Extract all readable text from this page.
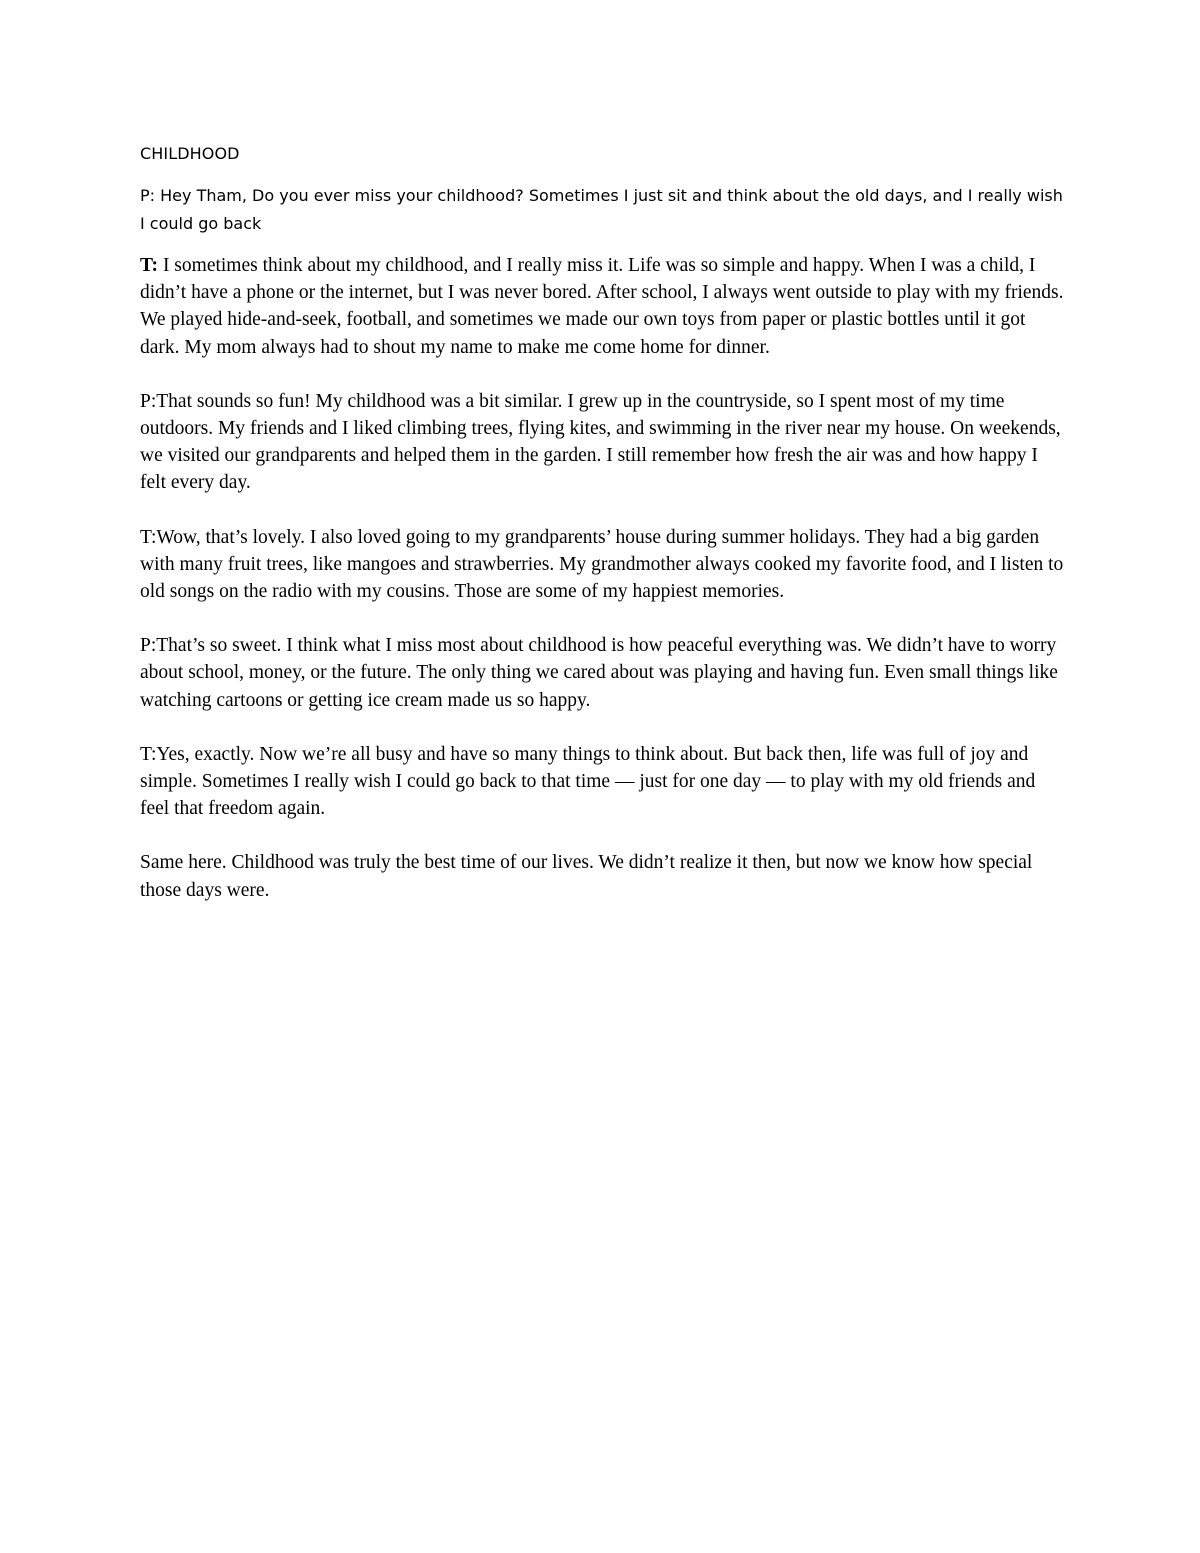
CHILDHOOD

P: Hey Tham, Do you ever miss your childhood? Sometimes I just sit and think about the old days, and I really wish I could go back

T: I sometimes think about my childhood, and I really miss it. Life was so simple and happy. When I was a child, I didn’t have a phone or the internet, but I was never bored. After school, I always went outside to play with my friends. We played hide-and-seek, football, and sometimes we made our own toys from paper or plastic bottles until it got dark. My mom always had to shout my name to make me come home for dinner.

P:That sounds so fun! My childhood was a bit similar. I grew up in the countryside, so I spent most of my time outdoors. My friends and I liked climbing trees, flying kites, and swimming in the river near my house. On weekends, we visited our grandparents and helped them in the garden. I still remember how fresh the air was and how happy I felt every day.

T:Wow, that’s lovely. I also loved going to my grandparents’ house during summer holidays. They had a big garden with many fruit trees, like mangoes and strawberries. My grandmother always cooked my favorite food, and I listen to old songs on the radio with my cousins. Those are some of my happiest memories.

P:That’s so sweet. I think what I miss most about childhood is how peaceful everything was. We didn’t have to worry about school, money, or the future. The only thing we cared about was playing and having fun. Even small things like watching cartoons or getting ice cream made us so happy.

T:Yes, exactly. Now we’re all busy and have so many things to think about. But back then, life was full of joy and simple. Sometimes I really wish I could go back to that time — just for one day — to play with my old friends and feel that freedom again.

Same here. Childhood was truly the best time of our lives. We didn’t realize it then, but now we know how special those days were.
